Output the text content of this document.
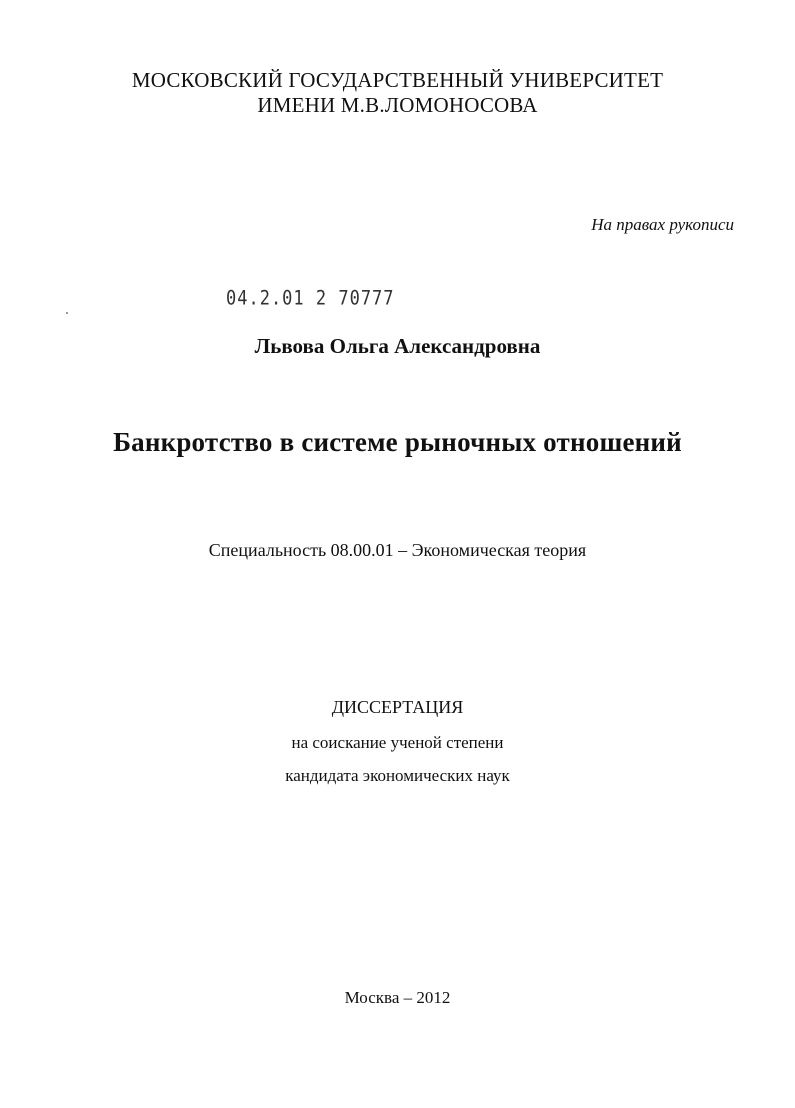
МОСКОВСКИЙ ГОСУДАРСТВЕННЫЙ УНИВЕРСИТЕТ
ИМЕНИ М.В.ЛОМОНОСОВА
На правах рукописи
04.2.01 2 70777
Львова Ольга Александровна
Банкротство в системе рыночных отношений
Специальность 08.00.01 – Экономическая теория
ДИССЕРТАЦИЯ
на соискание ученой степени
кандидата экономических наук
Москва – 2012
